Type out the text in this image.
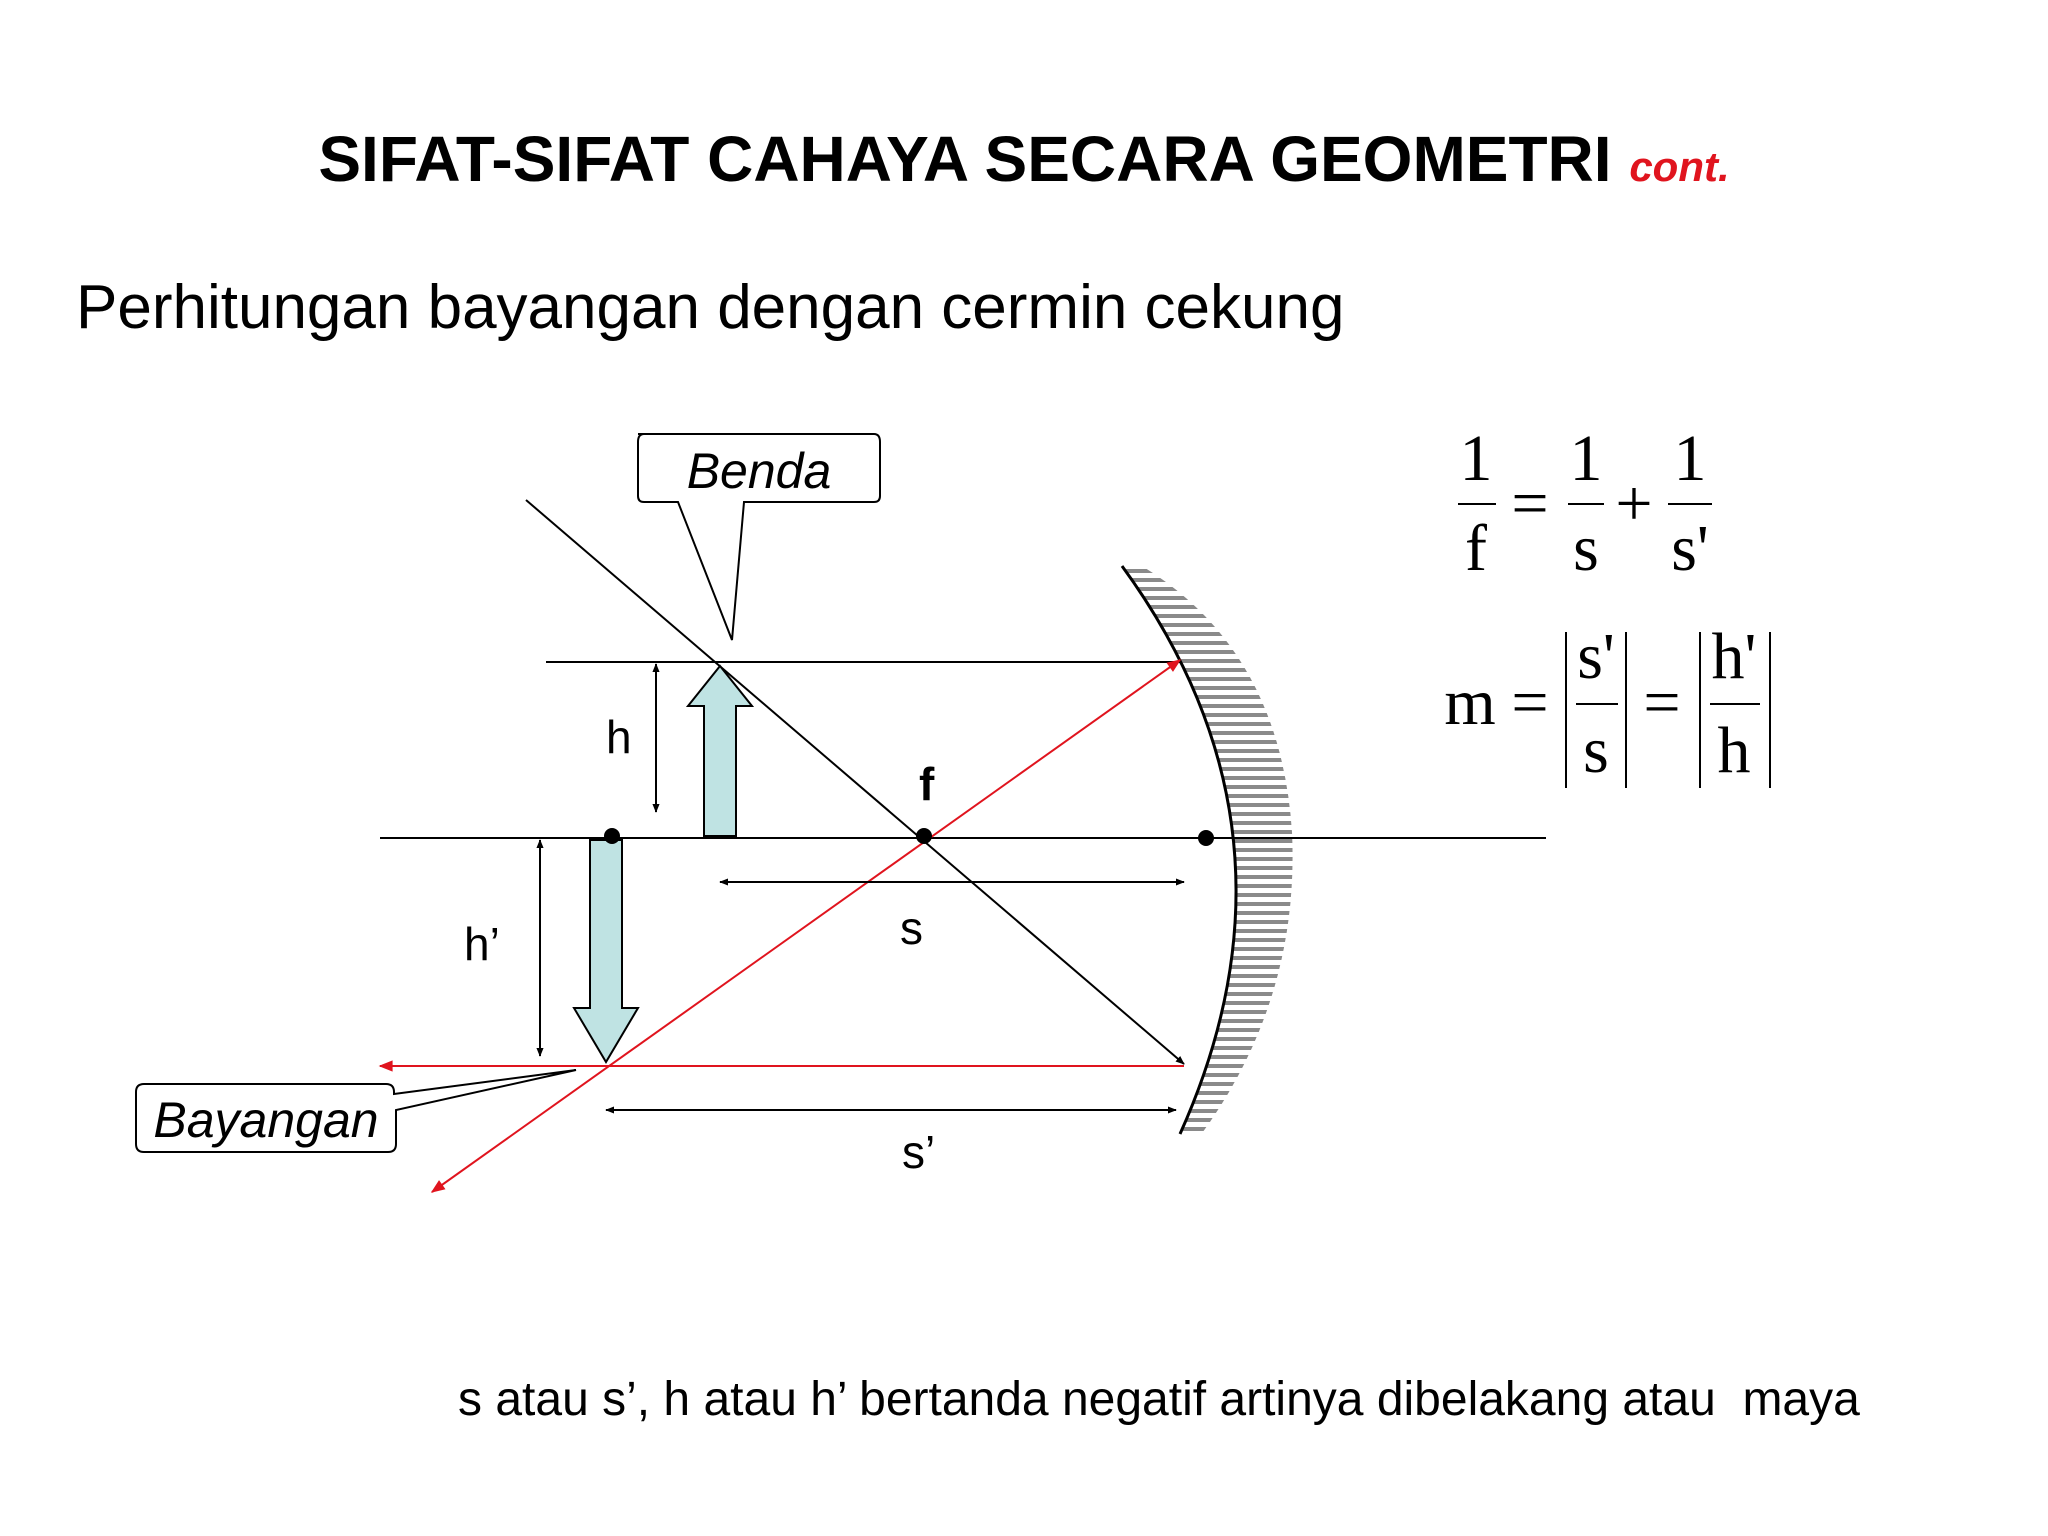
SIFAT-SIFAT CAHAYA SECARA GEOMETRI cont.
Perhitungan bayangan dengan cermin cekung
h
h’
f
s
s’
Benda
Bayangan
1
f
=
1
s
+
1
s'
m =
s'
s
=
h'
h
s atau s’, h atau h’ bertanda negatif artinya dibelakang atau  maya
